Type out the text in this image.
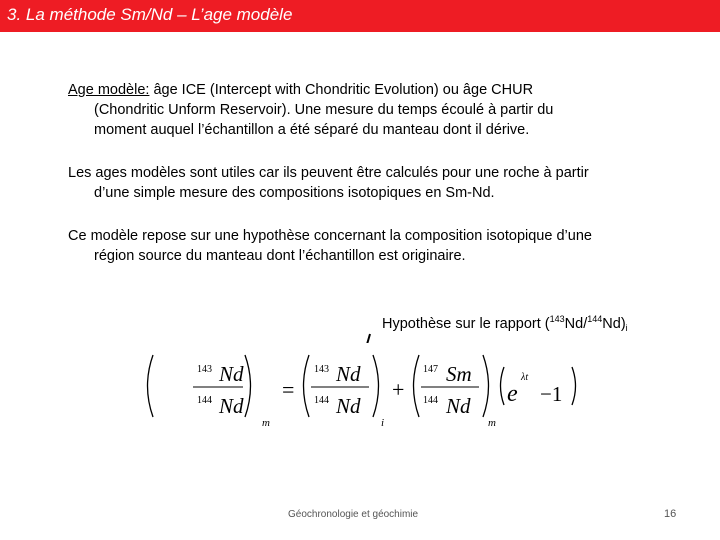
3. La méthode Sm/Nd – L’age modèle
Age modèle: âge ICE (Intercept with Chondritic Evolution) ou âge CHUR
(Chondritic Unform Reservoir). Une mesure du temps écoulé à partir du
moment auquel l’échantillon a été séparé du manteau dont il dérive.
Les ages modèles sont utiles car ils peuvent être calculés pour une roche à partir
d’une simple mesure des compositions isotopiques en Sm-Nd.
Ce modèle repose sur une hypothèse concernant la composition isotopique d’une
région source du manteau dont l’échantillon est originaire.
Hypothèse sur le rapport $(^{143}Nd/^{144}Nd)_i$
143 Nd
144 Nd
m
=
143 Nd
144 Nd
i
+
147 Sm
144 Nd
m
e
λt
−1
Géochronologie et géochimie	16
